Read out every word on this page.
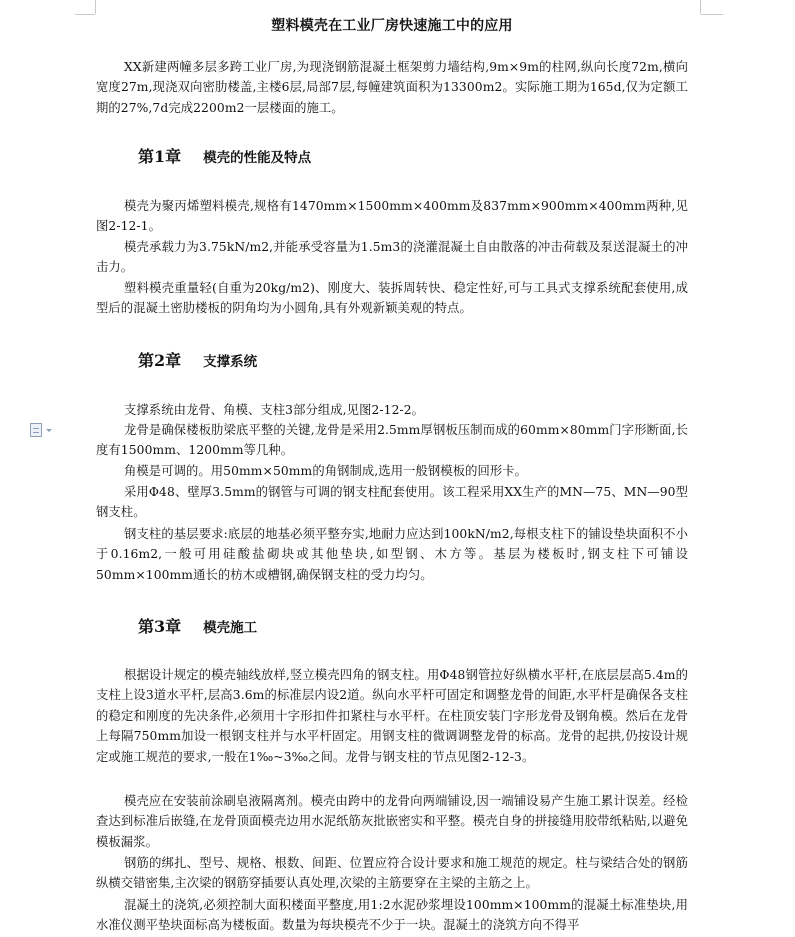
塑料模壳在工业厂房快速施工中的应用

XX新建两幢多层多跨工业厂房,为现浇钢筋混凝土框架剪力墙结构,9m×9m的柱网,纵向长度72m,横向宽度27m,现浇双向密肋楼盖,主楼6层,局部7层,每幢建筑面积为13300m2。实际施工期为165d,仅为定额工期的27%,7d完成2200m2一层楼面的施工。

第1章 模壳的性能及特点

模壳为聚丙烯塑料模壳,规格有1470mm×1500mm×400mm及837mm×900mm×400mm两种,见图2-12-1。

模壳承载力为3.75kN/m2,并能承受容量为1.5m3的浇灌混凝土自由散落的冲击荷载及泵送混凝土的冲击力。

塑料模壳重量轻(自重为20kg/m2)、刚度大、装拆周转快、稳定性好,可与工具式支撑系统配套使用,成型后的混凝土密肋楼板的阴角均为小圆角,具有外观新颖美观的特点。

第2章 支撑系统

支撑系统由龙骨、角模、支柱3部分组成,见图2-12-2。

龙骨是确保楼板肋梁底平整的关键,龙骨是采用2.5mm厚钢板压制而成的60mm×80mm门字形断面,长度有1500mm、1200mm等几种。

角模是可调的。用50mm×50mm的角钢制成,选用一般钢模板的回形卡。

采用Φ48、壁厚3.5mm的钢管与可调的钢支柱配套使用。该工程采用XX生产的MN—75、MN—90型钢支柱。

钢支柱的基层要求:底层的地基必须平整夯实,地耐力应达到100kN/m2,每根支柱下的铺设垫块面积不小于0.16m2,一般可用硅酸盐砌块或其他垫块,如型钢、木方等。基层为楼板时,钢支柱下可铺设50mm×100mm通长的枋木或槽钢,确保钢支柱的受力均匀。

第3章 模壳施工

根据设计规定的模壳轴线放样,竖立模壳四角的钢支柱。用Φ48钢管拉好纵横水平杆,在底层层高5.4m的支柱上设3道水平杆,层高3.6m的标准层内设2道。纵向水平杆可固定和调整龙骨的间距,水平杆是确保各支柱的稳定和刚度的先决条件,必须用十字形扣件扣紧柱与水平杆。在柱顶安装门字形龙骨及钢角模。然后在龙骨上每隔750mm加设一根钢支柱并与水平杆固定。用钢支柱的微调调整龙骨的标高。龙骨的起拱,仍按设计规定或施工规范的要求,一般在1‰~3‰之间。龙骨与钢支柱的节点见图2-12-3。

模壳应在安装前涂刷皂液隔离剂。模壳由跨中的龙骨向两端铺设,因一端铺设易产生施工累计误差。经检查达到标准后嵌缝,在龙骨顶面模壳边用水泥纸筋灰批嵌密实和平整。模壳自身的拼接缝用胶带纸粘贴,以避免模板漏浆。

钢筋的绑扎、型号、规格、根数、间距、位置应符合设计要求和施工规范的规定。柱与梁结合处的钢筋纵横交错密集,主次梁的钢筋穿插要认真处理,次梁的主筋要穿在主梁的主筋之上。

混凝土的浇筑,必须控制大面积楼面平整度,用1:2水泥砂浆埋设100mm×100mm的混凝土标准垫块,用水准仪测平垫块面标高为楼板面。数量为每块模壳不少于一块。混凝土的浇筑方向不得平
